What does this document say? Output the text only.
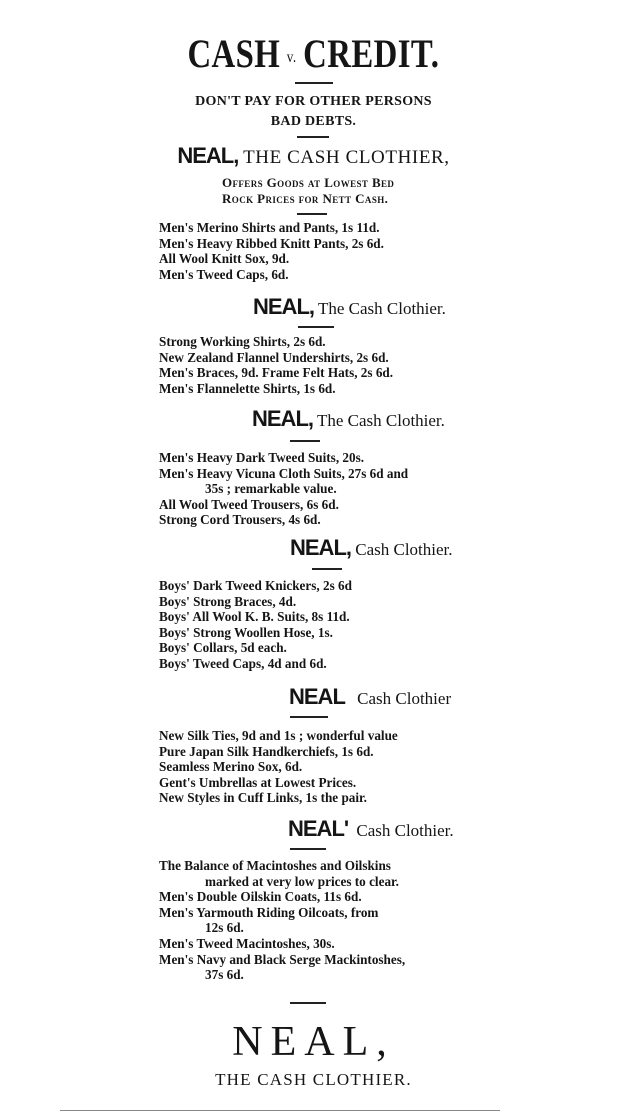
CASH v. CREDIT.
DON'T PAY FOR OTHER PERSONS
BAD DEBTS.
NEAL, THE CASH CLOTHIER,
Offers Goods at Lowest Bed
Rock Prices for Nett Cash.
Men's Merino Shirts and Pants, 1s 11d.
Men's Heavy Ribbed Knitt Pants, 2s 6d.
All Wool Knitt Sox, 9d.
Men's Tweed Caps, 6d.
NEAL, The Cash Clothier.
Strong Working Shirts, 2s 6d.
New Zealand Flannel Undershirts, 2s 6d.
Men's Braces, 9d. Frame Felt Hats, 2s 6d.
Men's Flannelette Shirts, 1s 6d.
NEAL, The Cash Clothier.
Men's Heavy Dark Tweed Suits, 20s.
Men's Heavy Vicuna Cloth Suits, 27s 6d and
35s ; remarkable value.
All Wool Tweed Trousers, 6s 6d.
Strong Cord Trousers, 4s 6d.
NEAL, Cash Clothier.
Boys' Dark Tweed Knickers, 2s 6d
Boys' Strong Braces, 4d.
Boys' All Wool K. B. Suits, 8s 11d.
Boys' Strong Woollen Hose, 1s.
Boys' Collars, 5d each.
Boys' Tweed Caps, 4d and 6d.
NEAL Cash Clothier
New Silk Ties, 9d and 1s ; wonderful value
Pure Japan Silk Handkerchiefs, 1s 6d.
Seamless Merino Sox, 6d.
Gent's Umbrellas at Lowest Prices.
New Styles in Cuff Links, 1s the pair.
NEAL' Cash Clothier.
The Balance of Macintoshes and Oilskins
marked at very low prices to clear.
Men's Double Oilskin Coats, 11s 6d.
Men's Yarmouth Riding Oilcoats, from
12s 6d.
Men's Tweed Macintoshes, 30s.
Men's Navy and Black Serge Mackintoshes,
37s 6d.
NEAL,
THE CASH CLOTHIER.
